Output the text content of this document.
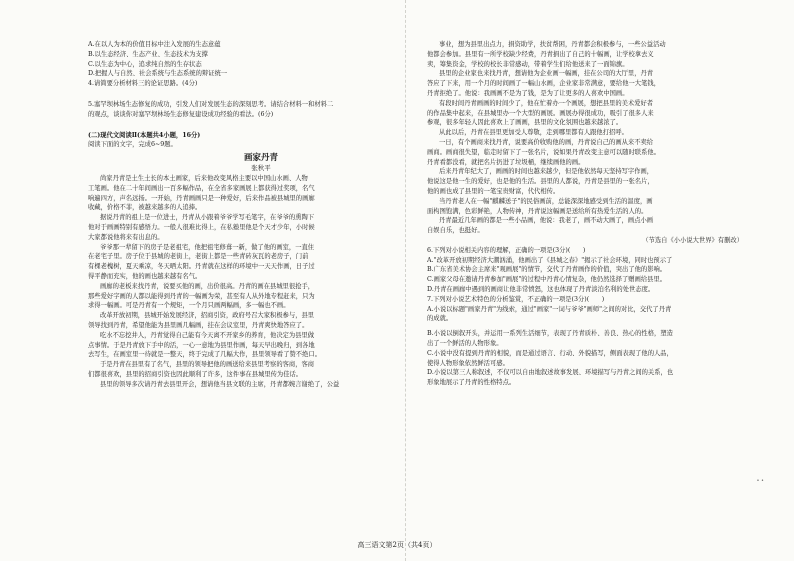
A.在以人为本的价值目标中注入发展的生态意蕴
B.以生态经济、生态产业、生态技术为支撑
C.以生态为中心，追求纯自然的生存状态
D.把握人与自然、社会系统与生态系统的辩证统一
4.请简要分析材料三的论证思路。(4分)
5.塞罕坝林场生态修复的成功，引发人们对发展生态的深刻思考。请结合材料一和材料二
的观点，谈谈你对塞罕坝林场生态修复建设成功经验的看法。(6分)
(二)现代文阅读Ⅱ(本题共4小题，16分)
阅读下面的文字，完成6~9题。
画家丹青
张秋平
尚家丹青是土生土长的本土画家，后来他改变风格主要以中国山水画、人物
工笔画。他在二十年间画出一百多幅作品，在全省多家画展上都获得过奖项，名气
响遍四方，声名远扬。一开始，丹青画画只是一种爱好，后来作品被县城里的画廊
收藏，价格不菲，被越来越多的人追捧。
据说丹青的祖上是一位进士，丹青从小跟着爷爷学写毛笔字，在爷爷的熏陶下
他对于画画特别有感悟力。一般人很难比得上，在私塾里他是个天才少年，小时候
大家都说他将来有出息的。
爷爷那一辈留下的房子是老祖宅，他把祖宅修葺一新，做了他的画室，一直住
在老宅子里。房子位于县城的老街上，老街上都是一些青砖灰瓦的老房子，门前
有棵老槐树，夏天乘凉，冬天晒太阳。丹青就在这样的环境中一天天作画，日子过
得平静而充实，他的画也越来越有名气。
画廊的老板来找丹青，说要买他的画，出价很高。丹青的画在县城里很抢手，
那些爱好字画的人都以能得到丹青的一幅画为荣，甚至有人从外地专程赶来，只为
求得一幅画。可是丹青有一个规矩，一个月只画两幅画，多一幅也不画。
改革开放初期，县城开始发展经济，招商引资，政府号召大家积极参与，县里
领导找到丹青，希望他能为县里画几幅画，挂在会议室里，丹青爽快地答应了。
吃水不忘挖井人，丹青觉得自己能有今天离不开家乡的养育，他决定为县里做
点事情。于是丹青放下手中的活，一心一意地为县里作画，每天早出晚归，到各地
去写生，在画室里一待就是一整天，终于完成了几幅大作，县里领导看了赞不绝口。
于是丹青在县里有了名气，县里的领导把他的画送给来县里考察的客商，客商
们都很喜欢，县里的招商引资也因此顺利了许多，这件事在县城里传为佳话。
县里的领导多次请丹青去县里开会，想请他当县文联的主席，丹青都婉言谢绝了，公益
事业，想为县里出点力，捐资助学，扶贫帮困，丹青都会积极参与，一些公益活动
他都会参加。县里有一所学校缺少经费，丹青捐出了自己的十幅画，让学校拿去义
卖，筹集资金，学校的校长非常感动，带着学生们给他送来了一面锦旗。
县里的企业家也来找丹青，想请他为企业画一幅画，挂在公司的大厅里，丹青
答应了下来，用一个月的时间画了一幅山水画，企业家非常满意，要给他一大笔钱，
丹青拒绝了。他说：我画画不是为了钱，是为了让更多的人喜欢中国画。
有段时间丹青画画的时间少了，他在忙着办一个画展，想把县里的美术爱好者
的作品集中起来，在县城里办一个大型的画展。画展办得很成功，吸引了很多人来
参观，很多年轻人因此喜欢上了画画，县里的文化氛围也越来越浓了。
从此以后，丹青在县里更加受人尊敬，走到哪里都有人跟他打招呼。
一日，有个画商来找丹青，说要高价收购他的画，丹青说自己的画从来不卖给
画商。画商很失望，临走时留下了一张名片，说如果丹青改变主意可以随时联系他。
丹青看都没看，就把名片扔进了垃圾桶，继续画他的画。
后来丹青年纪大了，画画的时间也越来越少，但是他依然每天坚持写字作画，
他说这是他一生的爱好，也是他的生活。县里的人都说，丹青是县里的一张名片，
他的画也成了县里的一笔宝贵财富，代代相传。
当丹青老人在一幅"麒麟送子"的民俗画前，总能深深地感受到生活的温度，画
面构图饱满，色彩鲜艳，人物传神，丹青说这幅画是送给所有热爱生活的人的。
丹青最近几年画的都是一些小品画，他说：我老了，画不动大画了，画点小画
自娱自乐，也挺好。
（节选自《小小说大世界》有删改）
6.下列对小说相关内容的理解，正确的一项是(3分)(　　)
A."改革开放初期经济大潮汹涌，他画出了《县城之春》"揭示了社会环境，同时也预示了
B.广东省美术协会主席来"观画展"的情节，交代了丹青画作的价值，突出了他的影响。
C.画家父母在邀请丹青参加"画展"的过程中丹青心情复杂，他仍然选择了赠画给县里。
D.丹青在画廊中遇到的画商让他非常愤怒，这也体现了丹青淡泊名利的处世态度。
7.下列对小说艺术特色的分析鉴赏，不正确的一项是(3分)(　　)
A.小说以标题"画家丹青"为线索，通过"画家"一词与爷爷"画师"之间的对比，交代了丹青
的成就。
B.小说以倒叙开头，并运用一系列生活细节，表现了丹青质朴、善良、热心的性格，塑造
出了一个鲜活的人物形象。
C.小说中没有提到丹青的相貌，而是通过语言、行动、外貌描写，侧面表现了他的人品，
使得人物形象依然鲜活可感。
D.小说以第三人称叙述，不仅可以自由地叙述故事发展、环境描写与丹青之间的关系，也
形象地展示了丹青的性格特点。
• •
高三语文第2页（共4页）
